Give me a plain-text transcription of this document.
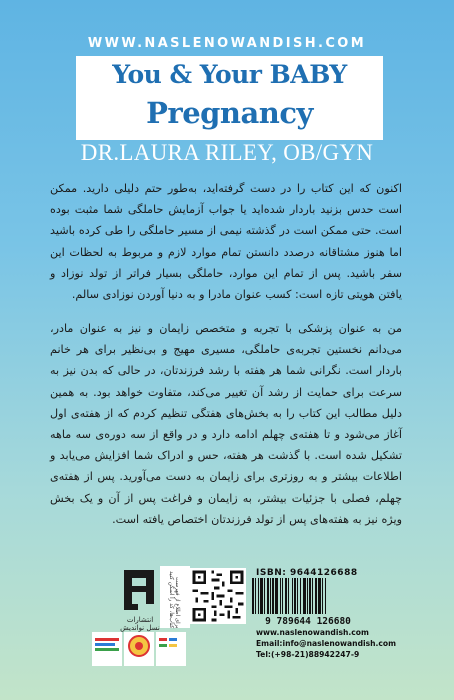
WWW.NASLENOWANDISH.COM
You & Your BABY
Pregnancy
DR.LAURA RILEY, OB/GYN
اکنون که این کتاب را در دست گرفته‌اید، به‌طور حتم دلیلی دارید. ممکن است حدس بزنید باردار شده‌اید یا جواب آزمایش حاملگی شما مثبت بوده است. حتی ممکن است در گذشته نیمی از مسیر حاملگی را طی کرده باشید اما هنوز مشتاقانه درصدد دانستن تمام موارد لازم و مربوط به لحظات این سفر باشید. پس از تمام این موارد، حاملگی بسیار فراتر از تولد نوزاد و یافتن هویتی تازه است: کسب عنوان مادرا و به دنیا آوردن نوزادی سالم.
من به عنوان پزشکی با تجربه و متخصص زایمان و نیز به عنوان مادر، می‌دانم نخستین تجربه‌ی حاملگی، مسیری مهیج و بی‌نظیر برای هر خانم باردار است. نگرانی شما هر هفته با رشد فرزندتان، در حالی که بدن نیز به سرعت برای حمایت از رشد آن تغییر می‌کند، متفاوت خواهد بود. به همین دلیل مطالب این کتاب را به بخش‌های هفتگی تنظیم کردم که از هفته‌ی اول آغاز می‌شود و تا هفته‌ی چهلم ادامه دارد و در واقع از سه دوره‌ی سه ماهه تشکیل شده است. با گذشت هر هفته، حس و ادراک شما افزایش می‌یابد و اطلاعات بیشتر و به روزتری برای زایمان به دست می‌آورید. پس از هفته‌ی چهلم، فصلی با جزئیات بیشتر، به زایمان و فراغت پس از آن و یک بخش ویژه نیز به هفته‌های پس از تولد فرزندتان اختصاص یافته است.
انتشارات نسل نواندیش	برای اطلاع از فهرست کتاب‌ها، کد را اسکن کنید	ISBN: 9644126688
9 789644 126680
www.naslenowandish.com
Email:info@naslenowandish.com
Tel:(+98-21)88942247-9
